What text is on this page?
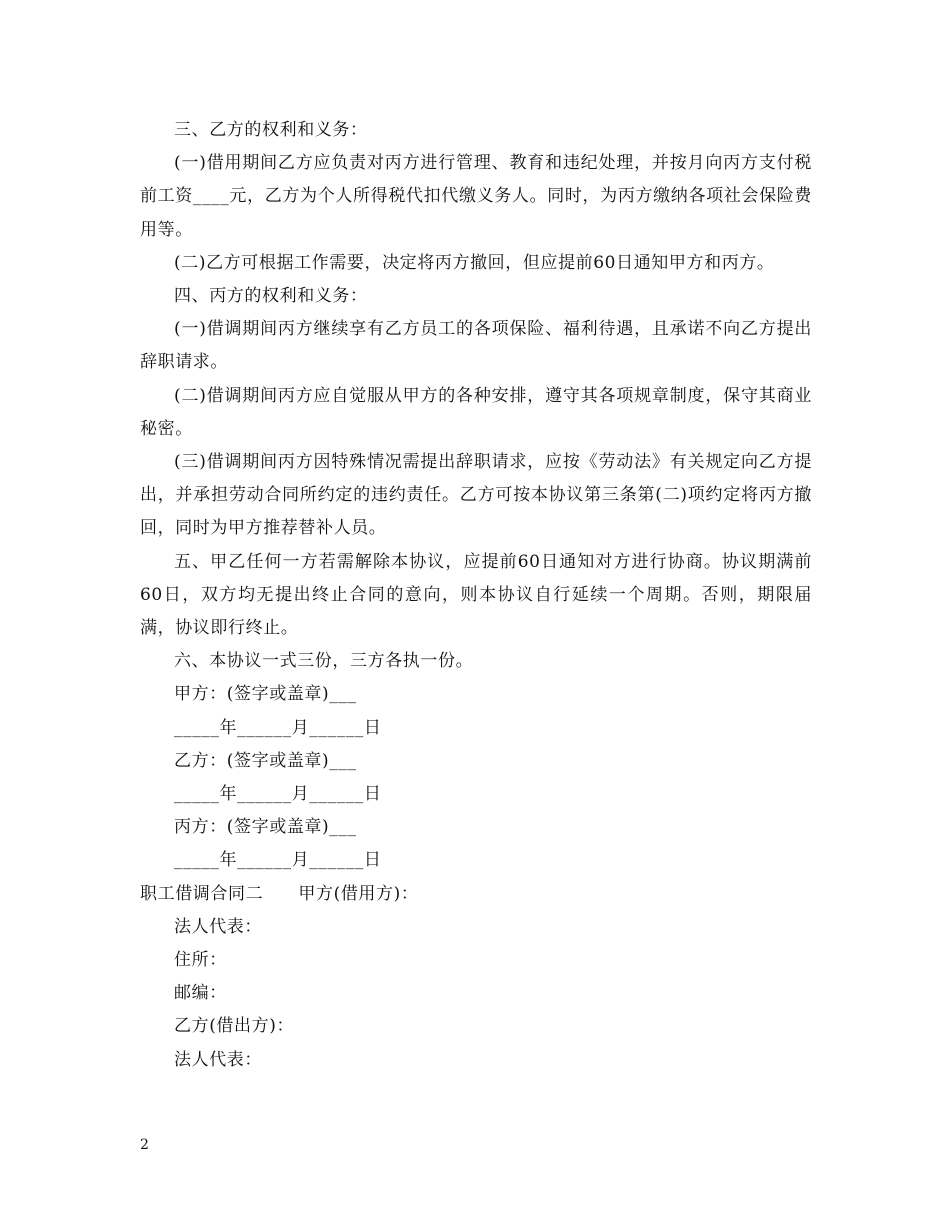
三、乙方的权利和义务：

(一)借用期间乙方应负责对丙方进行管理、教育和违纪处理，并按月向丙方支付税前工资____元，乙方为个人所得税代扣代缴义务人。同时，为丙方缴纳各项社会保险费用等。

(二)乙方可根据工作需要，决定将丙方撤回，但应提前60日通知甲方和丙方。

四、丙方的权利和义务：

(一)借调期间丙方继续享有乙方员工的各项保险、福利待遇，且承诺不向乙方提出辞职请求。

(二)借调期间丙方应自觉服从甲方的各种安排，遵守其各项规章制度，保守其商业秘密。

(三)借调期间丙方因特殊情况需提出辞职请求，应按《劳动法》有关规定向乙方提出，并承担劳动合同所约定的违约责任。乙方可按本协议第三条第(二)项约定将丙方撤回，同时为甲方推荐替补人员。

五、甲乙任何一方若需解除本协议，应提前60日通知对方进行协商。协议期满前60日，双方均无提出终止合同的意向，则本协议自行延续一个周期。否则，期限届满，协议即行终止。

六、本协议一式三份，三方各执一份。

甲方：(签字或盖章)___

_____年______月______日

乙方：(签字或盖章)___

_____年______月______日

丙方：(签字或盖章)___

_____年______月______日

职工借调合同二　　甲方(借用方)：

法人代表：

住所：

邮编：

乙方(借出方)：

法人代表：

2
